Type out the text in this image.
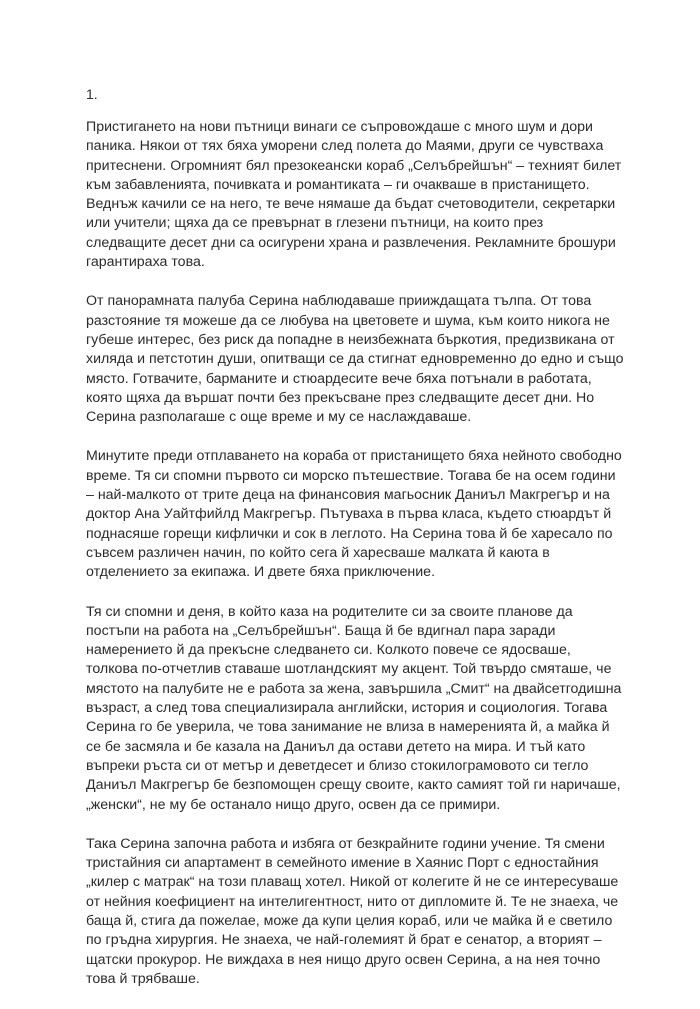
1.

Пристигането на нови пътници винаги се съпровождаше с много шум и дори паника. Някои от тях бяха уморени след полета до Маями, други се чувстваха притеснени. Огромният бял презокеански кораб „Селъбрейшън“ – техният билет към забавленията, почивката и романтиката – ги очакваше в пристанището. Веднъж качили се на него, те вече нямаше да бъдат счетоводители, секретарки или учители; щяха да се превърнат в глезени пътници, на които през следващите десет дни са осигурени храна и развлечения. Рекламните брошури гарантираха това.

От панорамната палуба Серина наблюдаваше прииждащата тълпа. От това разстояние тя можеше да се любува на цветовете и шума, към които никога не губеше интерес, без риск да попадне в неизбежната бъркотия, предизвикана от хиляда и петстотин души, опитващи се да стигнат едновременно до едно и също място. Готвачите, барманите и стюардесите вече бяха потънали в работата, която щяха да вършат почти без прекъсване през следващите десет дни. Но Серина разполагаше с още време и му се наслаждаваше.

Минутите преди отплаването на кораба от пристанището бяха нейното свободно време. Тя си спомни първото си морско пътешествие. Тогава бе на осем години – най-малкото от трите деца на финансовия магьосник Даниъл Макгрегър и на доктор Ана Уайтфийлд Макгрегър. Пътуваха в първа класа, където стюардът й поднасяше горещи кифлички и сок в леглото. На Серина това й бе харесало по съвсем различен начин, по който сега й харесваше малката й каюта в отделението за екипажа. И двете бяха приключение.

Тя си спомни и деня, в който каза на родителите си за своите планове да постъпи на работа на „Селъбрейшън“. Баща й бе вдигнал пара заради намерението й да прекъсне следването си. Колкото повече се ядосваше, толкова по-отчетлив ставаше шотландският му акцент. Той твърдо смяташе, че мястото на палубите не е работа за жена, завършила „Смит“ на двайсетгодишна възраст, а след това специализирала английски, история и социология. Тогава Серина го бе уверила, че това занимание не влиза в намеренията й, а майка й се бе засмяла и бе казала на Даниъл да остави детето на мира. И тъй като въпреки ръста си от метър и деветдесет и близо стокилограмовото си тегло Даниъл Макгрегър бе безпомощен срещу своите, както самият той ги наричаше, „женски“, не му бе останало нищо друго, освен да се примири.

Така Серина започна работа и избяга от безкрайните години учение. Тя смени тристайния си апартамент в семейното имение в Хаянис Порт с едностайния „килер с матрак“ на този плаващ хотел. Никой от колегите й не се интересуваше от нейния коефициент на интелигентност, нито от дипломите й. Те не знаеха, че баща й, стига да пожелае, може да купи целия кораб, или че майка й е светило по гръдна хирургия. Не знаеха, че най-големият й брат е сенатор, а вторият – щатски прокурор. Не виждаха в нея нищо друго освен Серина, а на нея точно това й трябваше.
